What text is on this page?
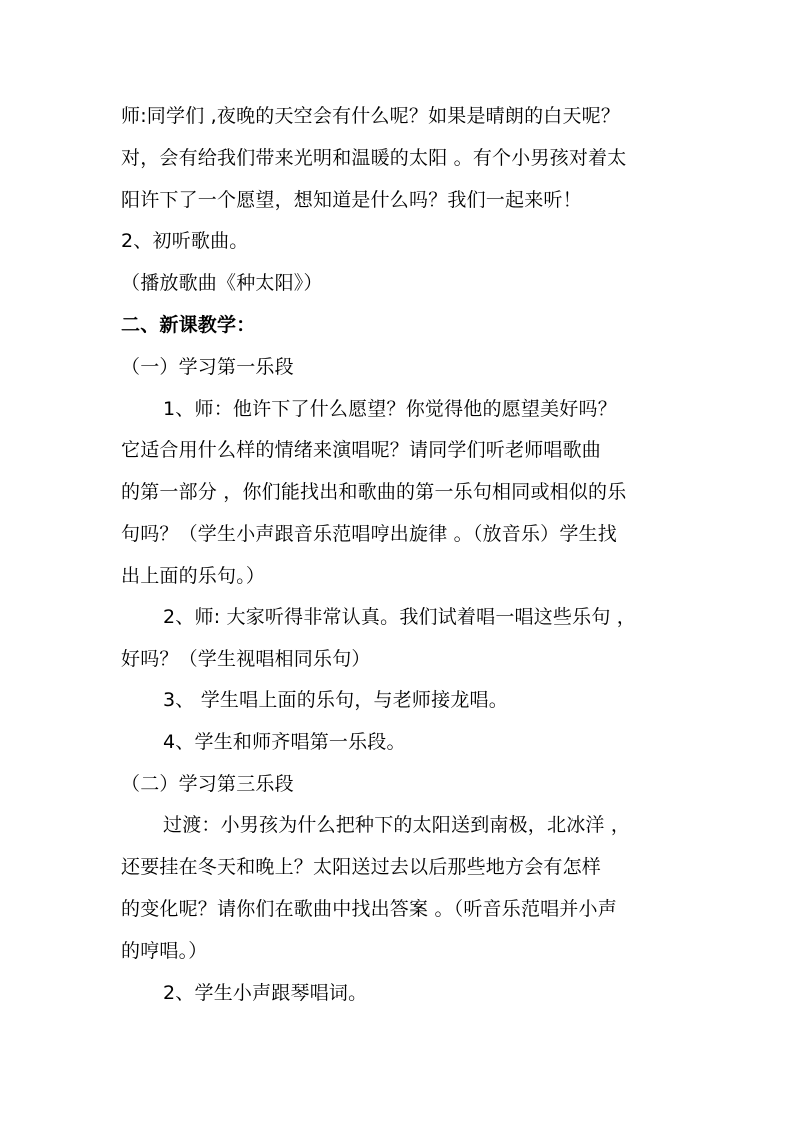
师:同学们 ,夜晚的天空会有什么呢？如果是晴朗的白天呢？
对，会有给我们带来光明和温暖的太阳 。有个小男孩对着太
阳许下了一个愿望，想知道是什么吗？我们一起来听！
2、初听歌曲。
（播放歌曲《种太阳》）
二、新课教学：
（一）学习第一乐段
1、师：他许下了什么愿望？你觉得他的愿望美好吗？
它适合用什么样的情绪来演唱呢？请同学们听老师唱歌曲
的第一部分 ，你们能找出和歌曲的第一乐句相同或相似的乐
句吗？（学生小声跟音乐范唱哼出旋律 。（放音乐）学生找
出上面的乐句。）
2、师: 大家听得非常认真。我们试着唱一唱这些乐句 ，
好吗？（学生视唱相同乐句）
3、 学生唱上面的乐句，与老师接龙唱。
4、学生和师齐唱第一乐段。
（二）学习第三乐段
过渡：小男孩为什么把种下的太阳送到南极，北冰洋 ，
还要挂在冬天和晚上？太阳送过去以后那些地方会有怎样
的变化呢？请你们在歌曲中找出答案 。（听音乐范唱并小声
的哼唱。）
2、学生小声跟琴唱词。
